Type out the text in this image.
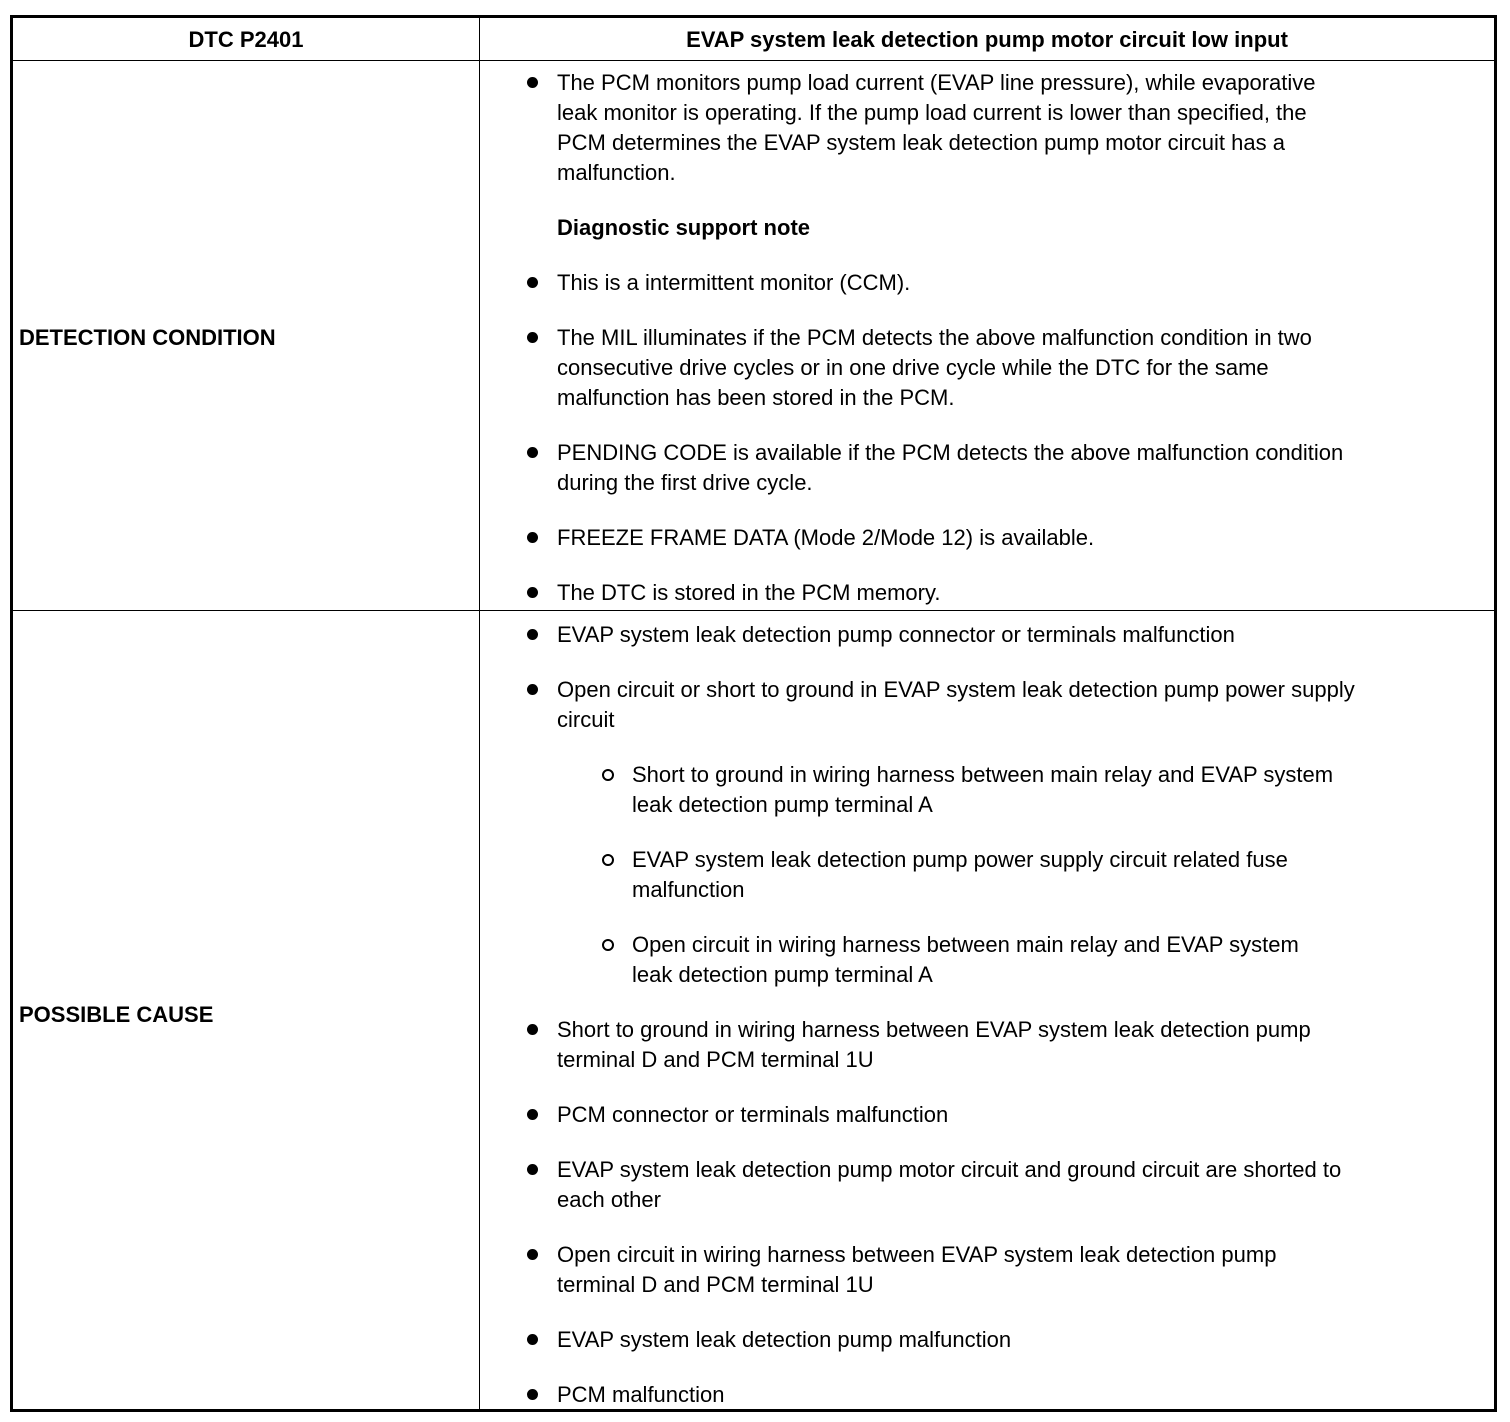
DTC P2401	EVAP system leak detection pump motor circuit low input
DETECTION CONDITION
POSSIBLE CAUSE
The PCM monitors pump load current (EVAP line pressure), while evaporative
leak monitor is operating. If the pump load current is lower than specified, the
PCM determines the EVAP system leak detection pump motor circuit has a
malfunction.
Diagnostic support note
This is a intermittent monitor (CCM).
The MIL illuminates if the PCM detects the above malfunction condition in two
consecutive drive cycles or in one drive cycle while the DTC for the same
malfunction has been stored in the PCM.
PENDING CODE is available if the PCM detects the above malfunction condition
during the first drive cycle.
FREEZE FRAME DATA (Mode 2/Mode 12) is available.
The DTC is stored in the PCM memory.
EVAP system leak detection pump connector or terminals malfunction
Open circuit or short to ground in EVAP system leak detection pump power supply
circuit
Short to ground in wiring harness between main relay and EVAP system
leak detection pump terminal A
EVAP system leak detection pump power supply circuit related fuse
malfunction
Open circuit in wiring harness between main relay and EVAP system
leak detection pump terminal A
Short to ground in wiring harness between EVAP system leak detection pump
terminal D and PCM terminal 1U
PCM connector or terminals malfunction
EVAP system leak detection pump motor circuit and ground circuit are shorted to
each other
Open circuit in wiring harness between EVAP system leak detection pump
terminal D and PCM terminal 1U
EVAP system leak detection pump malfunction
PCM malfunction
